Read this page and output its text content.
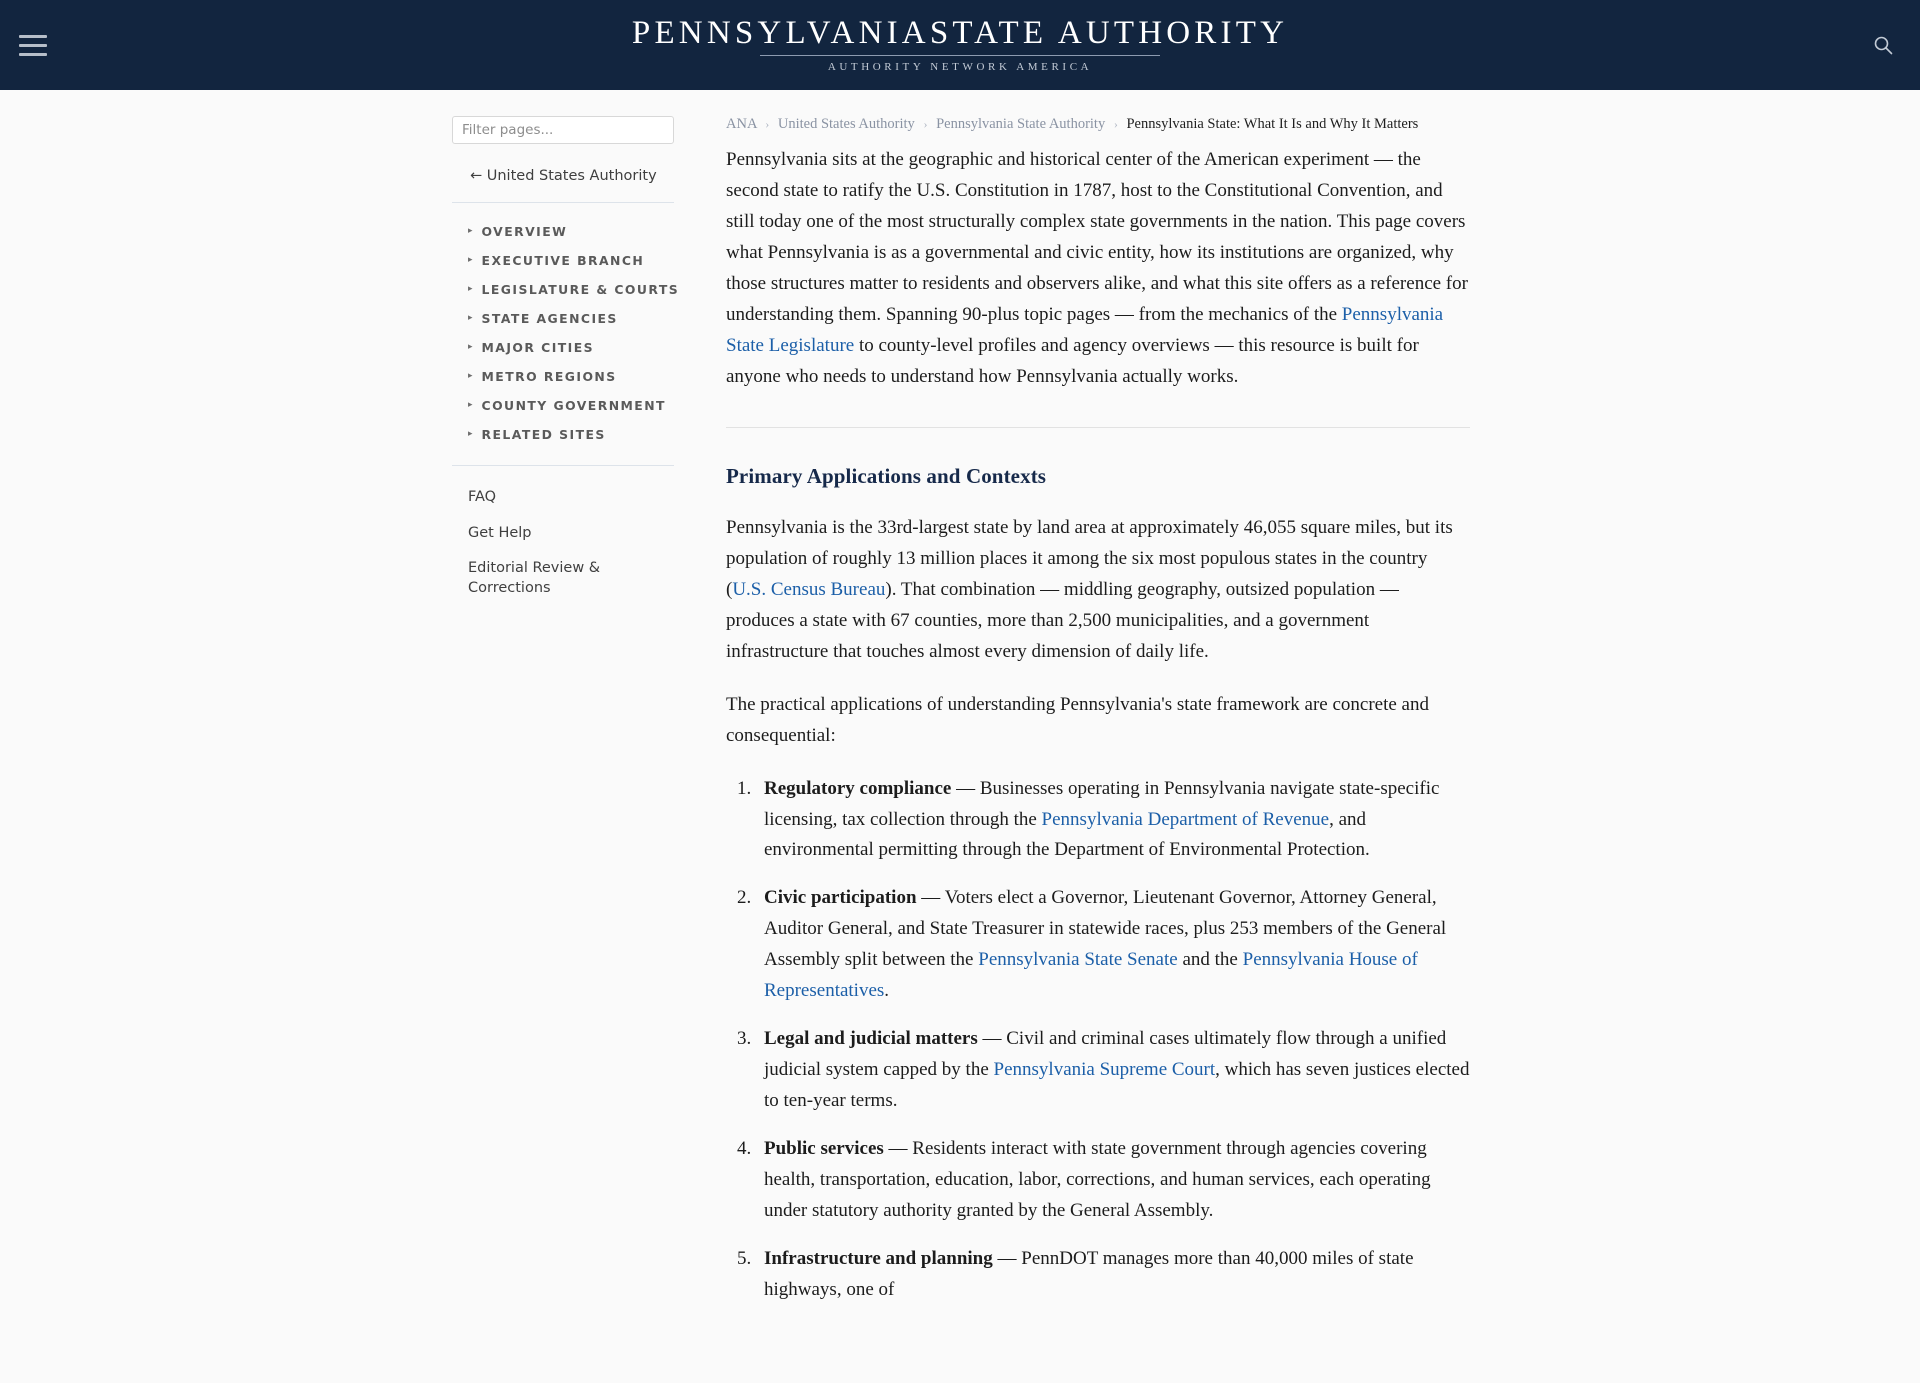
PENNSYLVANIASTATE AUTHORITY
AUTHORITY NETWORK AMERICA
Filter pages...
← United States Authority
▸ OVERVIEW
▸ EXECUTIVE BRANCH
▸ LEGISLATURE & COURTS
▸ STATE AGENCIES
▸ MAJOR CITIES
▸ METRO REGIONS
▸ COUNTY GOVERNMENT
▸ RELATED SITES
FAQ
Get Help
Editorial Review & Corrections
ANA › United States Authority › Pennsylvania State Authority › Pennsylvania State: What It Is and Why It Matters

Pennsylvania sits at the geographic and historical center of the American experiment — the second state to ratify the U.S. Constitution in 1787, host to the Constitutional Convention, and still today one of the most structurally complex state governments in the nation. This page covers what Pennsylvania is as a governmental and civic entity, how its institutions are organized, why those structures matter to residents and observers alike, and what this site offers as a reference for understanding them. Spanning 90-plus topic pages — from the mechanics of the Pennsylvania State Legislature to county-level profiles and agency overviews — this resource is built for anyone who needs to understand how Pennsylvania actually works.

Primary Applications and Contexts

Pennsylvania is the 33rd-largest state by land area at approximately 46,055 square miles, but its population of roughly 13 million places it among the six most populous states in the country (U.S. Census Bureau). That combination — middling geography, outsized population — produces a state with 67 counties, more than 2,500 municipalities, and a government infrastructure that touches almost every dimension of daily life.

The practical applications of understanding Pennsylvania's state framework are concrete and consequential:

1. Regulatory compliance — Businesses operating in Pennsylvania navigate state-specific licensing, tax collection through the Pennsylvania Department of Revenue, and environmental permitting through the Department of Environmental Protection.
2. Civic participation — Voters elect a Governor, Lieutenant Governor, Attorney General, Auditor General, and State Treasurer in statewide races, plus 253 members of the General Assembly split between the Pennsylvania State Senate and the Pennsylvania House of Representatives.
3. Legal and judicial matters — Civil and criminal cases ultimately flow through a unified judicial system capped by the Pennsylvania Supreme Court, which has seven justices elected to ten-year terms.
4. Public services — Residents interact with state government through agencies covering health, transportation, education, labor, corrections, and human services, each operating under statutory authority granted by the General Assembly.
5. Infrastructure and planning — PennDOT manages more than 40,000 miles of state highways, one of
